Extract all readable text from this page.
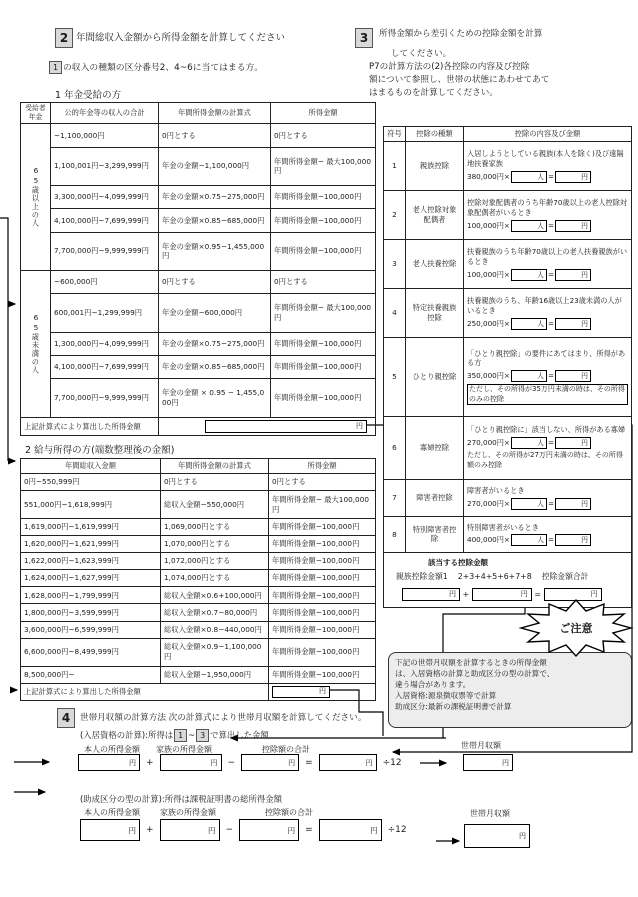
2 年間総収入金額から所得金額を計算してください
1 の収入の種類の区分番号2、4~6に当てはまる方。
1 年金受給の方
受給者年金	公的年金等の収入の合計	年間所得金額の計算式	所得金額
65歳以上の人	~1,100,000円	0円とする	0円とする
	1,100,001円~3,299,999円	年金の金額−1,100,000円	年間所得金額− 最大100,000円
	3,300,000円~4,099,999円	年金の金額×0.75−275,000円	年間所得金額−100,000円
	4,100,000円~7,699,999円	年金の金額×0.85−685,000円	年間所得金額−100,000円
	7,700,000円~9,999,999円	年金の金額×0.95−1,455,000円	年間所得金額−100,000円
65歳未満の人	~600,000円	0円とする	0円とする
	600,001円~1,299,999円	年金の金額−600,000円	年間所得金額− 最大100,000円
	1,300,000円~4,099,999円	年金の金額×0.75−275,000円	年間所得金額−100,000円
	4,100,000円~7,699,999円	年金の金額×0.85−685,000円	年間所得金額−100,000円
	7,700,000円~9,999,999円	年金の金額 × 0.95 − 1,455,000円	年間所得金額−100,000円
上記計算式により算出した所得金額		円	
2 給与所得の方(端数整理後の金額)
年間総収入金額	年間所得金額の計算式	所得金額
0円~550,999円	0円とする	0円とする
551,000円~1,618,999円	総収入金額−550,000円	年間所得金額− 最大100,000円
1,619,000円~1,619,999円	1,069,000円とする	年間所得金額−100,000円
1,620,000円~1,621,999円	1,070,000円とする	年間所得金額−100,000円
1,622,000円~1,623,999円	1,072,000円とする	年間所得金額−100,000円
1,624,000円~1,627,999円	1,074,000円とする	年間所得金額−100,000円
1,628,000円~1,799,999円	総収入金額×0.6+100,000円	年間所得金額−100,000円
1,800,000円~3,599,999円	総収入金額×0.7−80,000円	年間所得金額−100,000円
3,600,000円~6,599,999円	総収入金額×0.8−440,000円	年間所得金額−100,000円
6,600,000円~8,499,999円	総収入金額×0.9−1,100,000円	年間所得金額−100,000円
8,500,000円~	総収入金額−1,950,000円	年間所得金額−100,000円
上記計算式により算出した所得金額		円
3	所得金額から差引くための控除金額を計算
してください。
P7の計算方法の(2)各控除の内容及び控除
額について参照し、世帯の状態にあわせてあて
はまるものを計算してください。
符号	控除の種類	控除の内容及び金額
1	親族控除	入居しようとしている親族(本人を除く)及び遠隔地扶養家族
380,000円× 人 = 円

2	老人控除対象配偶者	控除対象配偶者のうち年齢70歳以上の老人控除対象配偶者がいるとき
100,000円× 人 = 円

3	老人扶養控除	扶養親族のうち年齢70歳以上の老人扶養親族がいるとき
100,000円× 人 = 円

4	特定扶養親族控除	扶養親族のうち、年齢16歳以上23歳未満の人がいるとき
250,000円× 人 = 円

5	ひとり親控除	「ひとり親控除」の要件にあてはまり、所得がある方
350,000円× 人 = 円
ただし、その所得が35万円未満の時は、その所得のみの控除
6	寡婦控除	「ひとり親控除に」該当しない、所得がある寡婦
270,000円× 人 = 円
ただし、その所得が27万円未満の時は、その所得額のみ控除

7	障害者控除	障害者がいるとき
270,000円× 人 = 円

8	特別障害者控除	特別障害者がいるとき
400,000円× 人 = 円

該当する控除金額
親族控除金額1 2+3+4+5+6+7+8 控除金額合計
円 +	円 =	円
ご注意
下記の世帯月収額を計算するときの所得金額
は、入居資格の計算と助成区分の型の計算で、
違う場合があります。
入居資格:源泉徴収票等で計算
助成区分:最新の課税証明書で計算
4	世帯月収額の計算方法 次の計算式により世帯月収額を計算してください。
(入居資格の計算):所得は 1 ~ 3 で算出した金額
本人の所得金額 家族の所得金額	控除額の合計
円 +	円 −	円 =	円 ÷12
世帯月収額
円
(助成区分の型の計算):所得は課税証明書の総所得金額
本人の所得金額	家族の所得金額	控除額の合計
円 +	円 −	円 =	円 ÷12
世帯月収額
円
